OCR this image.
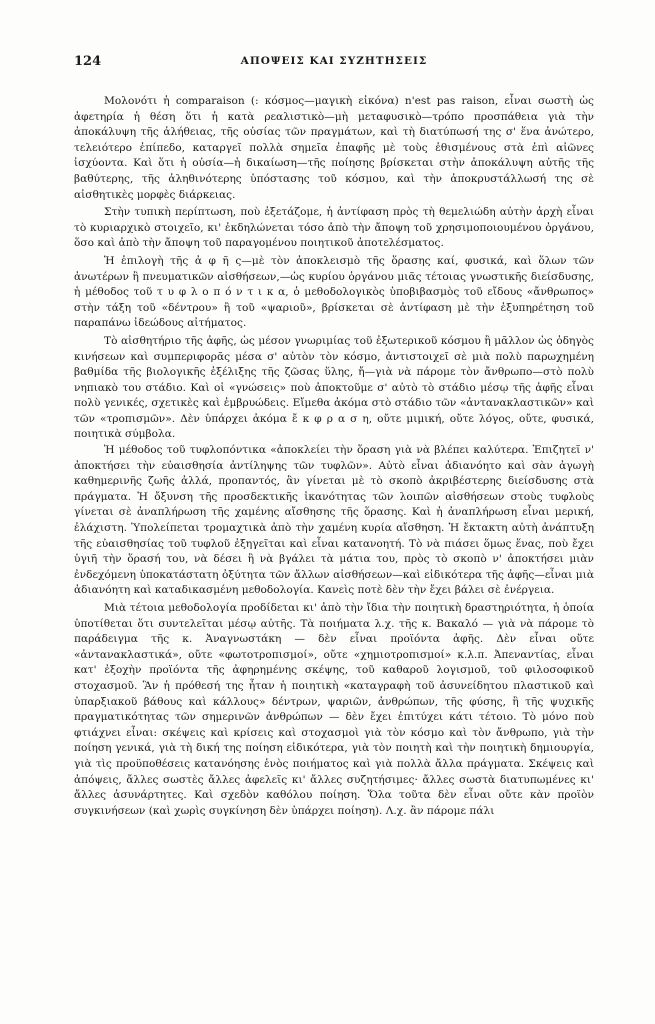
124	ΑΠΟΨΕΙΣ ΚΑΙ ΣΥΖΗΤΗΣΕΙΣ

Μολονότι ἡ comparaison (: κόσμος—μαγικὴ εἰκόνα) n'est pas raison, εἶναι σωστὴ ὡς ἀφετηρία ἡ θέση ὅτι ἡ κατὰ ρεαλιστικὸ—μὴ μεταφυσικὸ—τρόπο προσπάθεια γιὰ τὴν ἀποκάλυψη τῆς ἀλήθειας, τῆς οὐσίας τῶν πραγμάτων, καὶ τὴ διατύπωσή της σ' ἕνα ἀνώτερο, τελειότερο ἐπίπεδο, καταργεῖ πολλὰ σημεῖα ἐπαφῆς μὲ τοὺς ἐθισμένους στὰ ἐπὶ αἰῶνες ἰσχύοντα. Καὶ ὅτι ἡ οὐσία—ἡ δικαίωση—τῆς ποίησης βρίσκεται στὴν ἀποκάλυψη αὐτῆς τῆς βαθύτερης, τῆς ἀληθινότερης ὑπόστασης τοῦ κόσμου, καὶ τὴν ἀποκρυστάλλωσή της σὲ αἰσθητικὲς μορφὲς διάρκειας.

Στὴν τυπικὴ περίπτωση, ποὺ ἐξετάζομε, ἡ ἀντίφαση πρὸς τὴ θεμελιώδη αὐτὴν ἀρχὴ εἶναι τὸ κυριαρχικὸ στοιχεῖο, κι' ἐκδηλώνεται τόσο ἀπὸ τὴν ἄποψη τοῦ χρησιμοποιουμένου ὀργάνου, ὅσο καὶ ἀπὸ τὴν ἄποψη τοῦ παραγομένου ποιητικοῦ ἀποτελέσματος.

Ἡ ἐπιλογὴ τῆς ἀ φ ῆ ς—μὲ τὸν ἀποκλεισμὸ τῆς ὅρασης καί, φυσικά, καὶ ὅλων τῶν ἀνωτέρων ἢ πνευματικῶν αἰσθήσεων,—ὡς κυρίου ὀργάνου μιᾶς τέτοιας γνωστικῆς διείσδυσης, ἡ μέθοδος τοῦ τ υ φ λ ο π ό ν τ ι κ α, ὁ μεθοδολογικὸς ὑποβιβασμὸς τοῦ εἴδους «ἄνθρωπος» στὴν τάξη τοῦ «δέντρου» ἢ τοῦ «ψαριοῦ», βρίσκεται σὲ ἀντίφαση μὲ τὴν ἐξυπηρέτηση τοῦ παραπάνω ἰδεώδους αἰτήματος.

Τὸ αἰσθητήριο τῆς ἀφῆς, ὡς μέσον γνωριμίας τοῦ ἐξωτερικοῦ κόσμου ἢ μᾶλλον ὡς ὁδηγὸς κινήσεων καὶ συμπεριφορᾶς μέσα σ' αὐτὸν τὸν κόσμο, ἀντιστοιχεῖ σὲ μιὰ πολὺ παρωχημένη βαθμίδα τῆς βιολογικῆς ἐξέλιξης τῆς ζῶσας ὕλης, ἤ—γιὰ νὰ πάρομε τὸν ἄνθρωπο—στὸ πολὺ νηπιακὸ του στάδιο. Καὶ οἱ «γνώσεις» ποὺ ἀποκτοῦμε σ' αὐτὸ τὸ στάδιο μέσῳ τῆς ἀφῆς εἶναι πολὺ γενικές, σχετικὲς καὶ ἐμβρυώδεις. Εἴμεθα ἀκόμα στὸ στάδιο τῶν «ἀντανακλαστικῶν» καὶ τῶν «τροπισμῶν». Δὲν ὑπάρχει ἀκόμα ἔ κ φ ρ α σ η, οὔτε μιμική, οὔτε λόγος, οὔτε, φυσικά, ποιητικὰ σύμβολα.

Ἡ μέθοδος τοῦ τυφλοπόντικα «ἀποκλείει τὴν ὅραση γιὰ νὰ βλέπει καλύτερα. Ἐπιζητεῖ ν' ἀποκτήσει τὴν εὐαισθησία ἀντίληψης τῶν τυφλῶν». Αὐτὸ εἶναι ἀδιανόητο καὶ σὰν ἀγωγὴ καθημερινῆς ζωῆς ἀλλά, προπαντός, ἂν γίνεται μὲ τὸ σκοπὸ ἀκριβέστερης διείσδυσης στὰ πράγματα. Ἡ ὄξυνση τῆς προσδεκτικῆς ἱκανότητας τῶν λοιπῶν αἰσθήσεων στοὺς τυφλοὺς γίνεται σὲ ἀναπλήρωση τῆς χαμένης αἴσθησης τῆς ὅρασης. Καὶ ἡ ἀναπλήρωση εἶναι μερική, ἐλάχιστη. Ὑπολείπεται τρομαχτικὰ ἀπὸ τὴν χαμένη κυρία αἴσθηση. Ἡ ἔκτακτη αὐτὴ ἀνάπτυξη τῆς εὐαισθησίας τοῦ τυφλοῦ ἐξηγεῖται καὶ εἶναι κατανοητή. Τὸ νὰ πιάσει ὅμως ἕνας, ποὺ ἔχει ὑγιῆ τὴν ὅρασή του, νὰ δέσει ἢ νὰ βγάλει τὰ μάτια του, πρὸς τὸ σκοπὸ ν' ἀποκτήσει μιὰν ἐνδεχόμενη ὑποκατάστατη ὀξύτητα τῶν ἄλλων αἰσθήσεων—καὶ εἰδικότερα τῆς ἀφῆς—εἶναι μιὰ ἀδιανόητη καὶ καταδικασμένη μεθοδολογία. Κανεὶς ποτὲ δὲν τὴν ἔχει βάλει σὲ ἐνέργεια.

Μιὰ τέτοια μεθοδολογία προδίδεται κι' ἀπὸ τὴν ἴδια τὴν ποιητικὴ δραστηριότητα, ἡ ὁποία ὑποτίθεται ὅτι συντελεῖται μέσῳ αὐτῆς. Τὰ ποιήματα λ.χ. τῆς κ. Βακαλό — γιὰ νὰ πάρομε τὸ παράδειγμα τῆς κ. Ἀναγνωστάκη — δὲν εἶναι προϊόντα ἀφῆς. Δὲν εἶναι οὔτε «ἀντανακλαστικά», οὔτε «φωτοτροπισμοί», οὔτε «χημιοτροπισμοί» κ.λ.π. Ἀπεναντίας, εἶναι κατ' ἐξοχὴν προϊόντα τῆς ἀφηρημένης σκέψης, τοῦ καθαροῦ λογισμοῦ, τοῦ φιλοσοφικοῦ στοχασμοῦ. Ἂν ἡ πρόθεσή της ἦταν ἡ ποιητικὴ «καταγραφὴ τοῦ ἀσυνείδητου πλαστικοῦ καὶ ὑπαρξιακοῦ βάθους καὶ κάλλους» δέντρων, ψαριῶν, ἀνθρώπων, τῆς φύσης, ἢ τῆς ψυχικῆς πραγματικότητας τῶν σημερινῶν ἀνθρώπων — δὲν ἔχει ἐπιτύχει κάτι τέτοιο. Τὸ μόνο ποὺ φτιάχνει εἶναι: σκέψεις καὶ κρίσεις καὶ στοχασμοὶ γιὰ τὸν κόσμο καὶ τὸν ἄνθρωπο, γιὰ τὴν ποίηση γενικά, γιὰ τὴ δική της ποίηση εἰδικότερα, γιὰ τὸν ποιητὴ καὶ τὴν ποιητικὴ δημιουργία, γιὰ τὶς προϋποθέσεις κατανόησης ἑνὸς ποιήματος καὶ γιὰ πολλὰ ἄλλα πράγματα. Σκέψεις καὶ ἀπόψεις, ἄλλες σωστὲς ἄλλες ἀφελεῖς κι' ἄλλες συζητήσιμες· ἄλλες σωστὰ διατυπωμένες κι' ἄλλες ἀσυνάρτητες. Καὶ σχεδὸν καθόλου ποίηση. Ὅλα τοῦτα δὲν εἶναι οὔτε κὰν προϊὸν συγκινήσεων (καὶ χωρὶς συγκίνηση δὲν ὑπάρχει ποίηση). Λ.χ. ἂν πάρομε πάλι
